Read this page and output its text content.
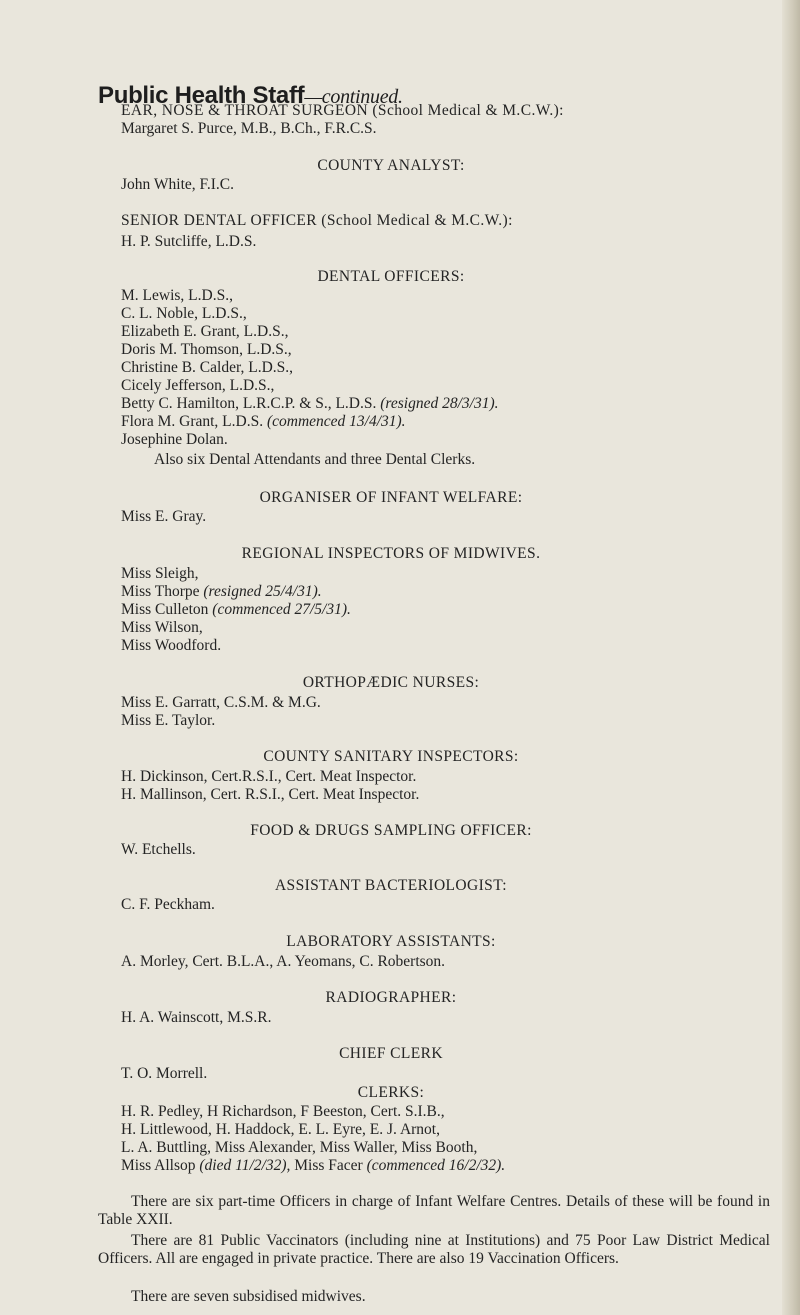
Public Health Staff—continued.
EAR, NOSE & THROAT SURGEON (School Medical & M.C.W.):
Margaret S. Purce, M.B., B.Ch., F.R.C.S.
COUNTY ANALYST:
John White, F.I.C.
SENIOR DENTAL OFFICER (School Medical & M.C.W.):
H. P. Sutcliffe, L.D.S.
DENTAL OFFICERS:
M. Lewis, L.D.S.,
C. L. Noble, L.D.S.,
Elizabeth E. Grant, L.D.S.,
Doris M. Thomson, L.D.S.,
Christine B. Calder, L.D.S.,
Cicely Jefferson, L.D.S.,
Betty C. Hamilton, L.R.C.P. & S., L.D.S. (resigned 28/3/31).
Flora M. Grant, L.D.S. (commenced 13/4/31).
Josephine Dolan.
Also six Dental Attendants and three Dental Clerks.
ORGANISER OF INFANT WELFARE:
Miss E. Gray.
REGIONAL INSPECTORS OF MIDWIVES.
Miss Sleigh,
Miss Thorpe (resigned 25/4/31).
Miss Culleton (commenced 27/5/31).
Miss Wilson,
Miss Woodford.
ORTHOPÆDIC NURSES:
Miss E. Garratt, C.S.M. & M.G.
Miss E. Taylor.
COUNTY SANITARY INSPECTORS:
H. Dickinson, Cert.R.S.I., Cert. Meat Inspector.
H. Mallinson, Cert. R.S.I., Cert. Meat Inspector.
FOOD & DRUGS SAMPLING OFFICER:
W. Etchells.
ASSISTANT BACTERIOLOGIST:
C. F. Peckham.
LABORATORY ASSISTANTS:
A. Morley, Cert. B.L.A., A. Yeomans, C. Robertson.
RADIOGRAPHER:
H. A. Wainscott, M.S.R.
CHIEF CLERK
T. O. Morrell.
CLERKS:
H. R. Pedley, H Richardson, F Beeston, Cert. S.I.B.,
H. Littlewood, H. Haddock, E. L. Eyre, E. J. Arnot,
L. A. Buttling, Miss Alexander, Miss Waller, Miss Booth,
Miss Allsop (died 11/2/32), Miss Facer (commenced 16/2/32).
There are six part-time Officers in charge of Infant Welfare Centres. Details of these will be found in Table XXII.
There are 81 Public Vaccinators (including nine at Institutions) and 75 Poor Law District Medical Officers. All are engaged in private practice. There are also 19 Vaccination Officers.
There are seven subsidised midwives.
